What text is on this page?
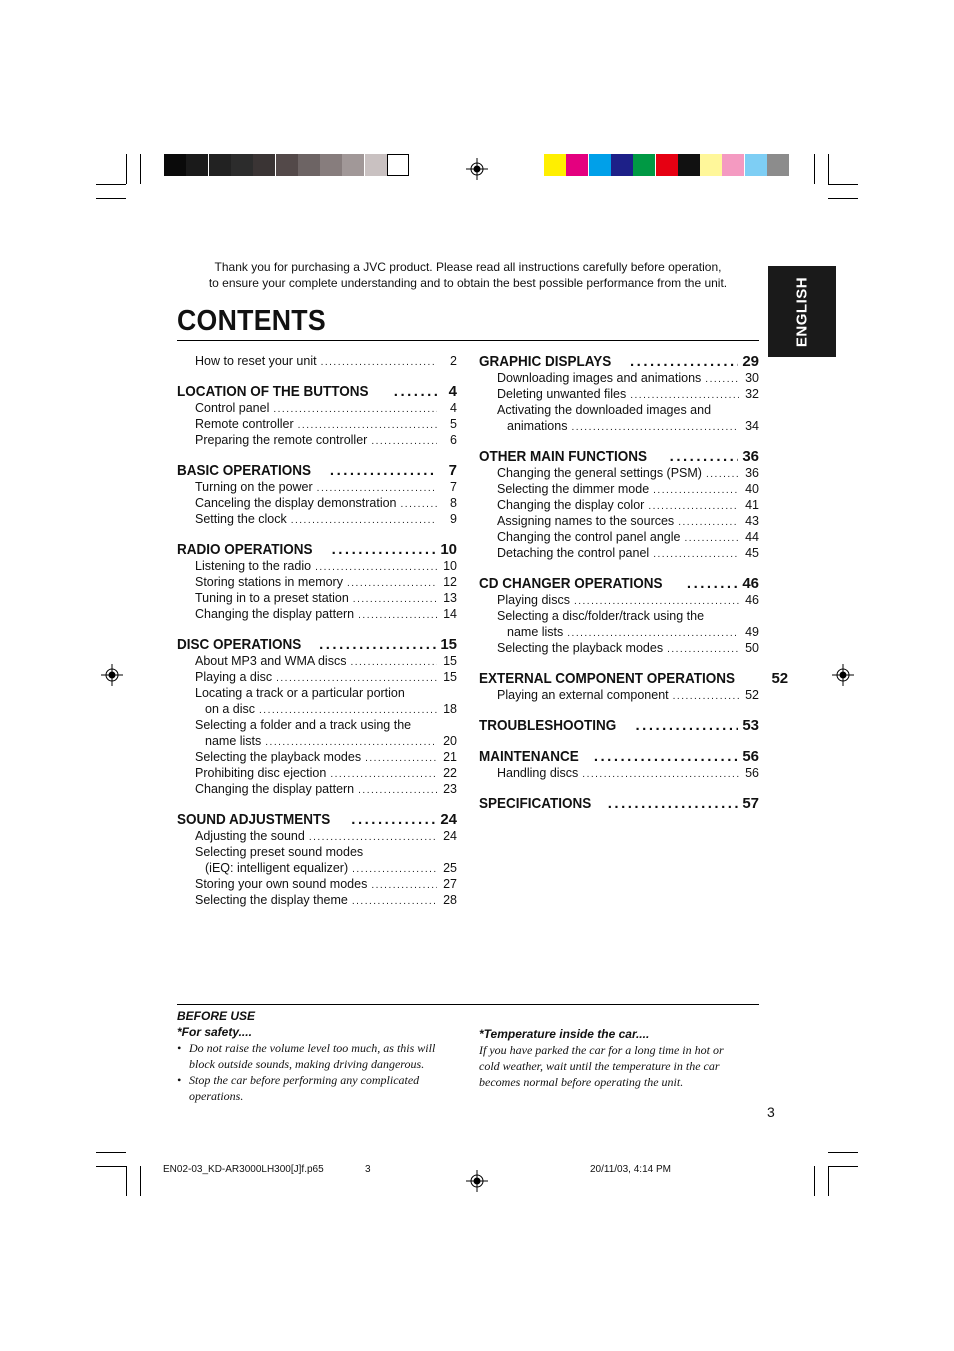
ENGLISH
Thank you for purchasing a JVC product. Please read all instructions carefully before operation,
to ensure your complete understanding and to obtain the best possible performance from the unit.
CONTENTS
How to reset your unit .....	2
LOCATION OF THE BUTTONS .....	4
Control panel .....	4
Remote controller .....	5
Preparing the remote controller .....	6
BASIC OPERATIONS .....	7
Turning on the power .....	7
Canceling the display demonstration .....	8
Setting the clock .....	9
RADIO OPERATIONS .....	10
Listening to the radio .....	10
Storing stations in memory .....	12
Tuning in to a preset station .....	13
Changing the display pattern .....	14
DISC OPERATIONS .....	15
About MP3 and WMA discs .....	15
Playing a disc .....	15
Locating a track or a particular portion
on a disc .....	18
Selecting a folder and a track using the
name lists .....	20
Selecting the playback modes .....	21
Prohibiting disc ejection .....	22
Changing the display pattern .....	23
SOUND ADJUSTMENTS .....	24
Adjusting the sound .....	24
Selecting preset sound modes
(iEQ: intelligent equalizer) .....	25
Storing your own sound modes .....	27
Selecting the display theme .....	28
GRAPHIC DISPLAYS .....	29
Downloading images and animations .....	30
Deleting unwanted files .....	32
Activating the downloaded images and
animations .....	34
OTHER MAIN FUNCTIONS .....	36
Changing the general settings (PSM) .....	36
Selecting the dimmer mode .....	40
Changing the display color .....	41
Assigning names to the sources .....	43
Changing the control panel angle .....	44
Detaching the control panel .....	45
CD CHANGER OPERATIONS .....	46
Playing discs .....	46
Selecting a disc/folder/track using the
name lists .....	49
Selecting the playback modes .....	50
EXTERNAL COMPONENT OPERATIONS 52
Playing an external component .....	52
TROUBLESHOOTING .....	53
MAINTENANCE .....	56
Handling discs .....	56
SPECIFICATIONS .....	57
BEFORE USE
*For safety....
• Do not raise the volume level too much, as this will block outside sounds, making driving dangerous.
• Stop the car before performing any complicated operations.
*Temperature inside the car....
If you have parked the car for a long time in hot or cold weather, wait until the temperature in the car becomes normal before operating the unit.
3
EN02-03_KD-AR3000LH300[J]f.p65	3	20/11/03, 4:14 PM
